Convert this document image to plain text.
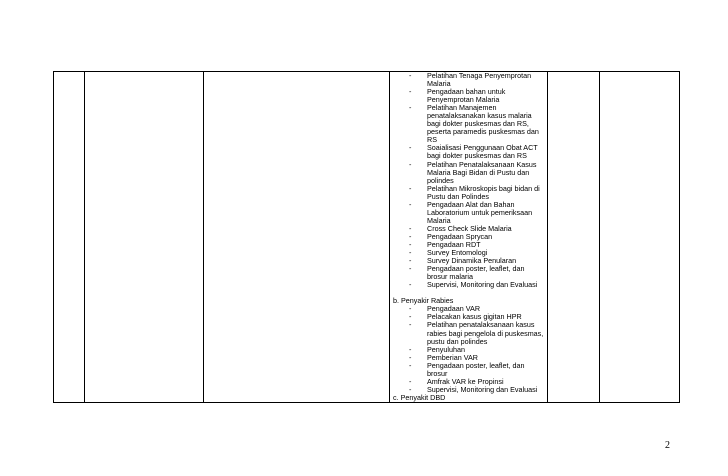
- Pelatihan Tenaga Penyemprotan
Malaria
- Pengadaan bahan untuk
Penyemprotan Malaria
- Pelatihan Manajemen
penatalaksanakan kasus malaria
bagi dokter puskesmas dan RS,
peserta paramedis puskesmas dan
RS
- Soaialisasi Penggunaan Obat ACT
bagi dokter puskesmas dan RS
- Pelatihan Penatalaksanaan Kasus
Malaria Bagi Bidan di Pustu dan
polindes
- Pelatihan Mikroskopis bagi bidan di
Pustu dan Polindes
- Pengadaan Alat dan Bahan
Laboratorium untuk pemeriksaan
Malaria
- Cross Check Slide Malaria
- Pengadaan Sprycan
- Pengadaan RDT
- Survey Entomologi
- Survey Dinamika Penularan
- Pengadaan poster, leaflet, dan
brosur malaria
- Supervisi, Monitoring dan Evaluasi
b. Penyakir Rabies
- Pengadaan VAR
- Pelacakan kasus gigitan HPR
- Pelatihan penatalaksanaan kasus
rabies bagi pengelola di puskesmas,
pustu dan polindes
- Penyuluhan
- Pemberian VAR
- Pengadaan poster, leaflet, dan
brosur
- Amfrak VAR ke Propinsi
- Supervisi, Monitoring dan Evaluasi
c. Penyakit DBD
2
